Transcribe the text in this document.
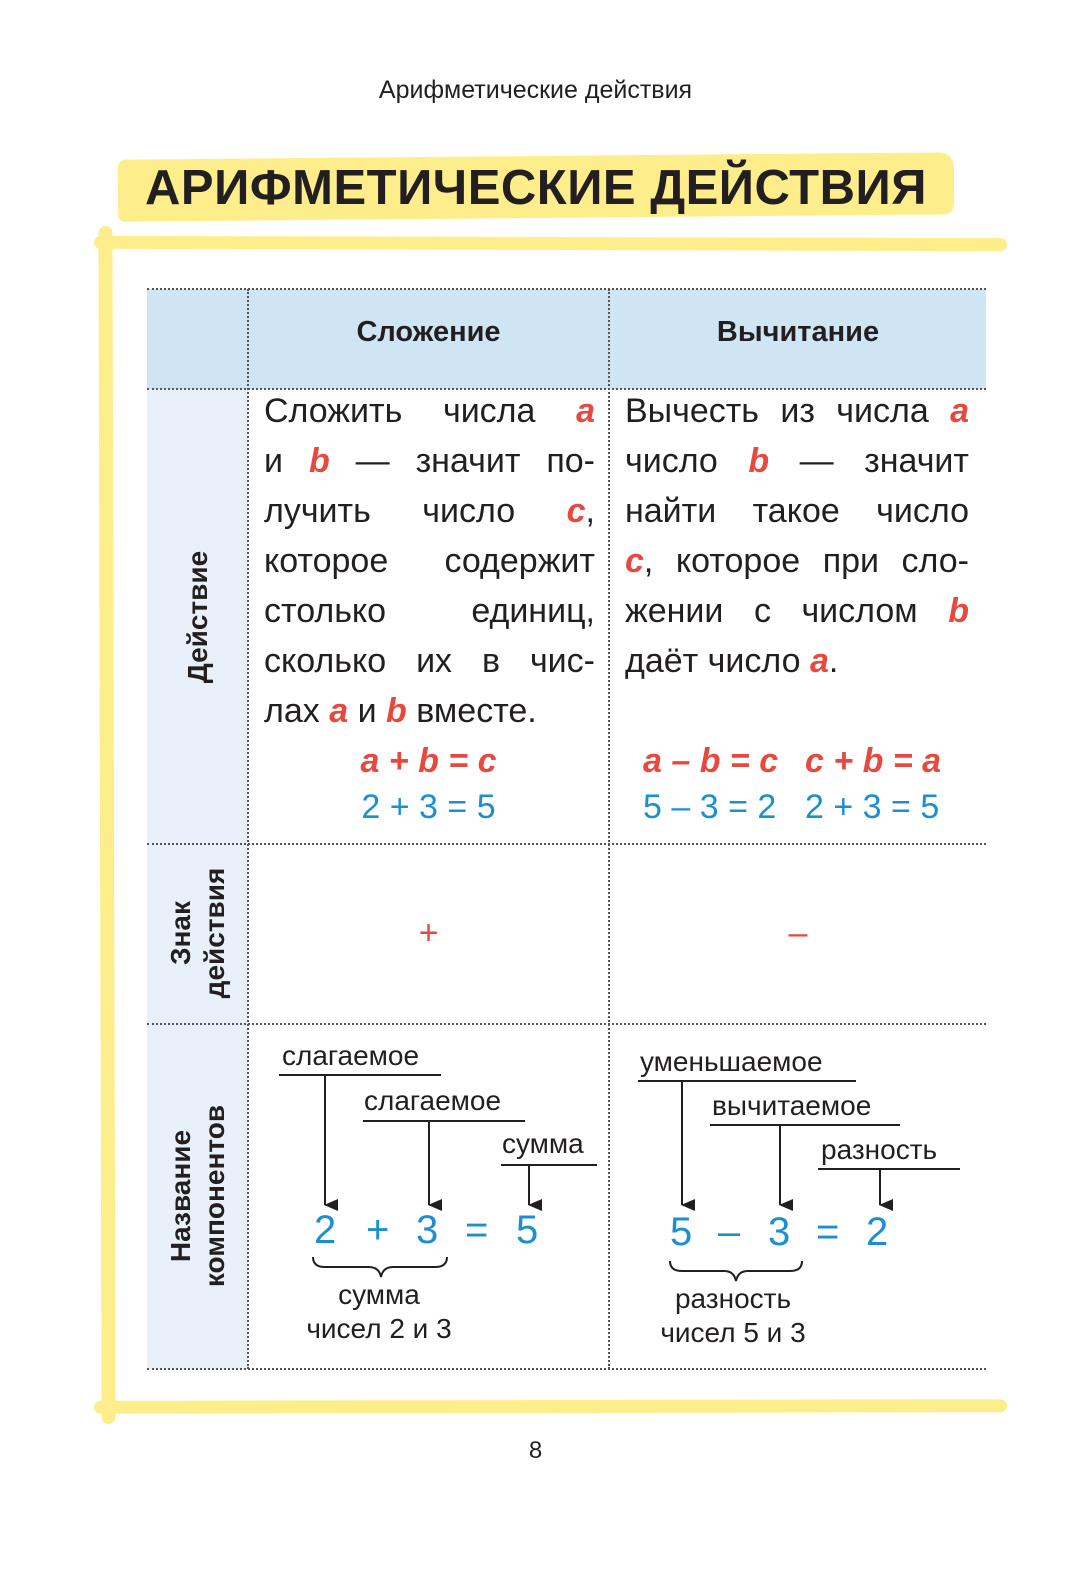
Арифметические действия
АРИФМЕТИЧЕСКИЕ ДЕЙСТВИЯ
Сложение	Вычитание
Действие
Знак действия
Название компонентов
Сложить числа a
и b — значит по-
лучить число c,
которое содержит
столько единиц,
сколько их в чис-
лах a и b вместе.
a + b = c
2 + 3 = 5
Вычесть из числа a
число b — значит
найти такое число
c, которое при сло-
жении с числом b
даёт число a.
a – b = c c + b = a
5 – 3 = 2 2 + 3 = 5
+	–
слагаемое
слагаемое
сумма
2 + 3 = 5
сумма
чисел 2 и 3
уменьшаемое
вычитаемое
разность
5 – 3 = 2
разность
чисел 5 и 3
8
